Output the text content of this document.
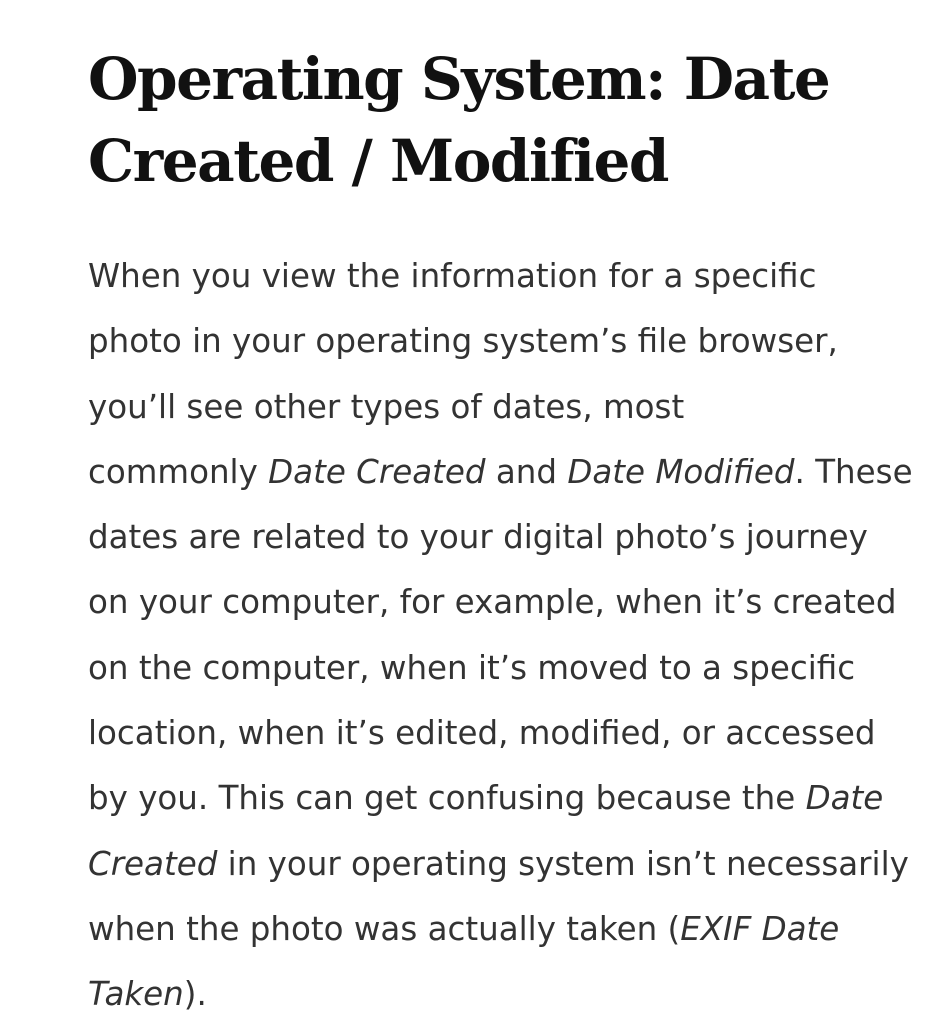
Operating System: Date
Created / Modified

When you view the information for a specific
photo in your operating system’s file browser,
you’ll see other types of dates, most
commonly Date Created and Date Modified. These
dates are related to your digital photo’s journey
on your computer, for example, when it’s created
on the computer, when it’s moved to a specific
location, when it’s edited, modified, or accessed
by you. This can get confusing because the Date
Created in your operating system isn’t necessarily
when the photo was actually taken (EXIF Date
Taken).
